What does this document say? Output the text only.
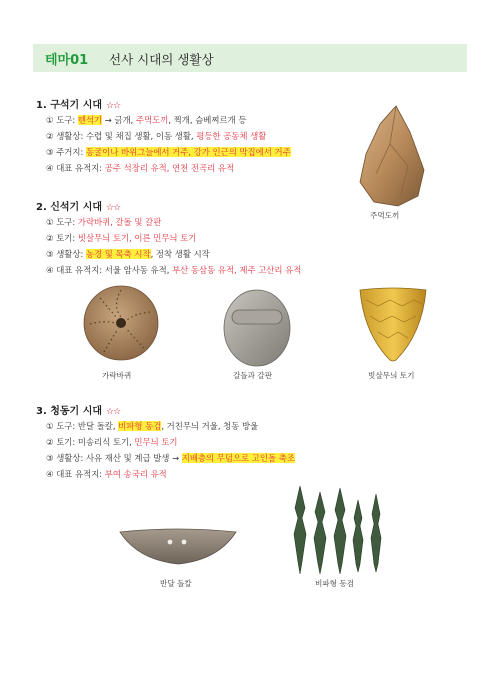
테마01 선사 시대의 생활상
1. 구석기 시대 ☆☆
① 도구: 뗀석기 → 긁개, 주먹도끼, 찍개, 슴베찌르개 등
② 생활상: 수렵 및 채집 생활, 이동 생활, 평등한 공동체 생활
③ 주거지: 동굴이나 바위그늘에서 거주, 강가 인근의 막집에서 거주
④ 대표 유적지: 공주 석장리 유적, 연천 전곡리 유적
주먹도끼
2. 신석기 시대 ☆☆
① 도구: 가락바퀴, 갈돌 및 갈판
② 토기: 빗살무늬 토기, 이른 민무늬 토기
③ 생활상: 농경 및 목축 시작, 정착 생활 시작
④ 대표 유적지: 서울 암사동 유적, 부산 동삼동 유적, 제주 고산리 유적
가락바퀴	갈돌과 갈판	빗살무늬 토기
3. 청동기 시대 ☆☆
① 도구: 반달 돌칼, 비파형 동검, 거친무늬 거울, 청동 방울
② 토기: 미송리식 토기, 민무늬 토기
③ 생활상: 사유 재산 및 계급 발생 → 지배층의 무덤으로 고인돌 축조
④ 대표 유적지: 부여 송국리 유적
반달 돌칼	비파형 동검
